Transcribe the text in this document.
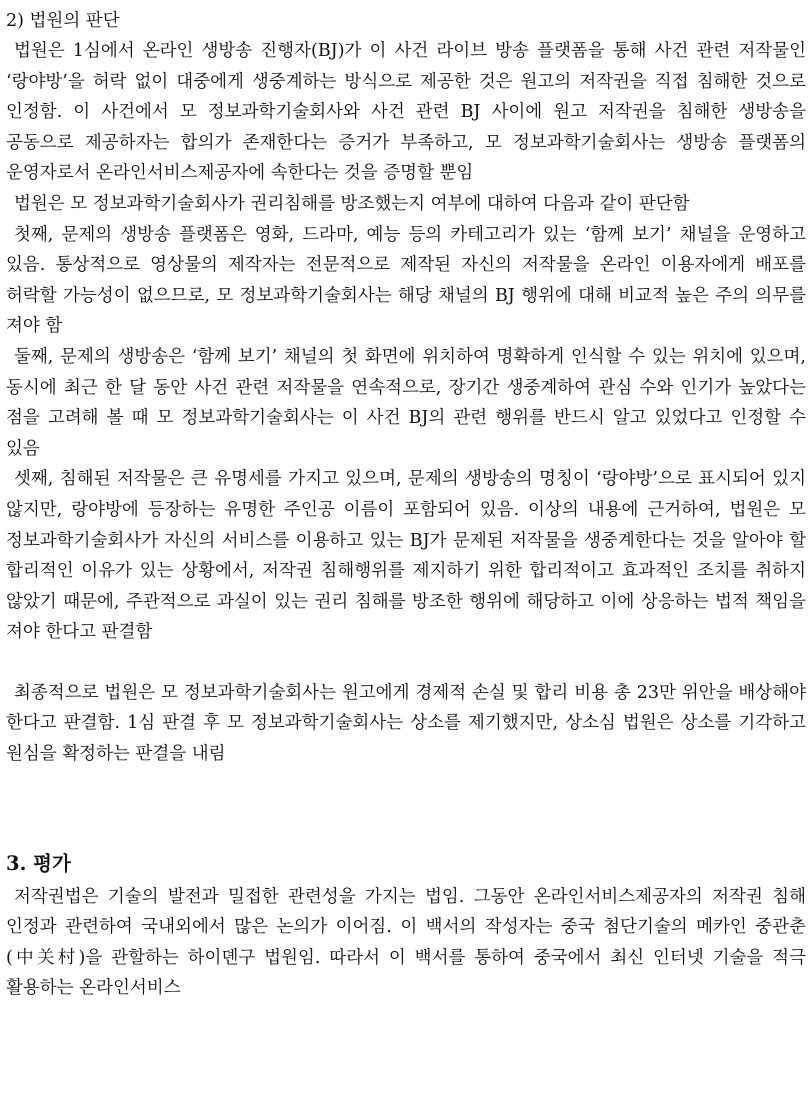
2) 법원의 판단

법원은 1심에서 온라인 생방송 진행자(BJ)가 이 사건 라이브 방송 플랫폼을 통해 사건 관련 저작물인 ‘랑야방’을 허락 없이 대중에게 생중계하는 방식으로 제공한 것은 원고의 저작권을 직접 침해한 것으로 인정함. 이 사건에서 모 정보과학기술회사와 사건 관련 BJ 사이에 원고 저작권을 침해한 생방송을 공동으로 제공하자는 합의가 존재한다는 증거가 부족하고, 모 정보과학기술회사는 생방송 플랫폼의 운영자로서 온라인서비스제공자에 속한다는 것을 증명할 뿐임

법원은 모 정보과학기술회사가 권리침해를 방조했는지 여부에 대하여 다음과 같이 판단함

첫째, 문제의 생방송 플랫폼은 영화, 드라마, 예능 등의 카테고리가 있는 ‘함께 보기’ 채널을 운영하고 있음. 통상적으로 영상물의 제작자는 전문적으로 제작된 자신의 저작물을 온라인 이용자에게 배포를 허락할 가능성이 없으므로, 모 정보과학기술회사는 해당 채널의 BJ 행위에 대해 비교적 높은 주의 의무를 져야 함

둘째, 문제의 생방송은 ‘함께 보기’ 채널의 첫 화면에 위치하여 명확하게 인식할 수 있는 위치에 있으며, 동시에 최근 한 달 동안 사건 관련 저작물을 연속적으로, 장기간 생중계하여 관심 수와 인기가 높았다는 점을 고려해 볼 때 모 정보과학기술회사는 이 사건 BJ의 관련 행위를 반드시 알고 있었다고 인정할 수 있음

셋째, 침해된 저작물은 큰 유명세를 가지고 있으며, 문제의 생방송의 명칭이 ‘랑야방’으로 표시되어 있지 않지만, 랑야방에 등장하는 유명한 주인공 이름이 포함되어 있음. 이상의 내용에 근거하여, 법원은 모 정보과학기술회사가 자신의 서비스를 이용하고 있는 BJ가 문제된 저작물을 생중계한다는 것을 알아야 할 합리적인 이유가 있는 상황에서, 저작권 침해행위를 제지하기 위한 합리적이고 효과적인 조치를 취하지 않았기 때문에, 주관적으로 과실이 있는 권리 침해를 방조한 행위에 해당하고 이에 상응하는 법적 책임을 져야 한다고 판결함

최종적으로 법원은 모 정보과학기술회사는 원고에게 경제적 손실 및 합리 비용 총 23만 위안을 배상해야 한다고 판결함. 1심 판결 후 모 정보과학기술회사는 상소를 제기했지만, 상소심 법원은 상소를 기각하고 원심을 확정하는 판결을 내림

3. 평가

저작권법은 기술의 발전과 밀접한 관련성을 가지는 법임. 그동안 온라인서비스제공자의 저작권 침해 인정과 관련하여 국내외에서 많은 논의가 이어짐. 이 백서의 작성자는 중국 첨단기술의 메카인 중관춘(中关村)을 관할하는 하이뎬구 법원임. 따라서 이 백서를 통하여 중국에서 최신 인터넷 기술을 적극 활용하는 온라인서비스
